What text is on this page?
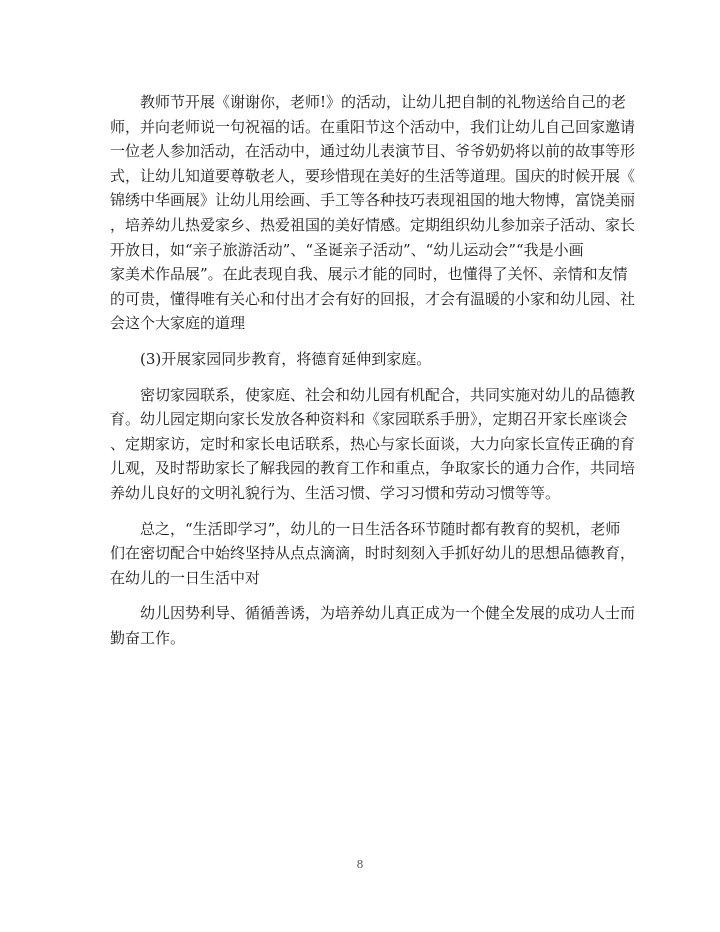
教师节开展《谢谢你，老师!》的活动，让幼儿把自制的礼物送给自己的老
师，并向老师说一句祝福的话。在重阳节这个活动中，我们让幼儿自己回家邀请
一位老人参加活动，在活动中，通过幼儿表演节目、爷爷奶奶将以前的故事等形
式，让幼儿知道要尊敬老人，要珍惜现在美好的生活等道理。国庆的时候开展《
锦绣中华画展》让幼儿用绘画、手工等各种技巧表现祖国的地大物博，富饶美丽
，培养幼儿热爱家乡、热爱祖国的美好情感。定期组织幼儿参加亲子活动、家长
开放日，如“亲子旅游活动”、“圣诞亲子活动”、“幼儿运动会”“我是小画
家美术作品展”。在此表现自我、展示才能的同时，也懂得了关怀、亲情和友情
的可贵，懂得唯有关心和付出才会有好的回报，才会有温暖的小家和幼儿园、社
会这个大家庭的道理
(3)开展家园同步教育，将德育延伸到家庭。
密切家园联系，使家庭、社会和幼儿园有机配合，共同实施对幼儿的品德教
育。幼儿园定期向家长发放各种资料和《家园联系手册》，定期召开家长座谈会
、定期家访，定时和家长电话联系，热心与家长面谈，大力向家长宣传正确的育
儿观，及时帮助家长了解我园的教育工作和重点，争取家长的通力合作，共同培
养幼儿良好的文明礼貌行为、生活习惯、学习习惯和劳动习惯等等。
总之，“生活即学习”，幼儿的一日生活各环节随时都有教育的契机，老师
们在密切配合中始终坚持从点点滴滴，时时刻刻入手抓好幼儿的思想品德教育，
在幼儿的一日生活中对
幼儿因势利导、循循善诱，为培养幼儿真正成为一个健全发展的成功人士而
勤奋工作。
8
